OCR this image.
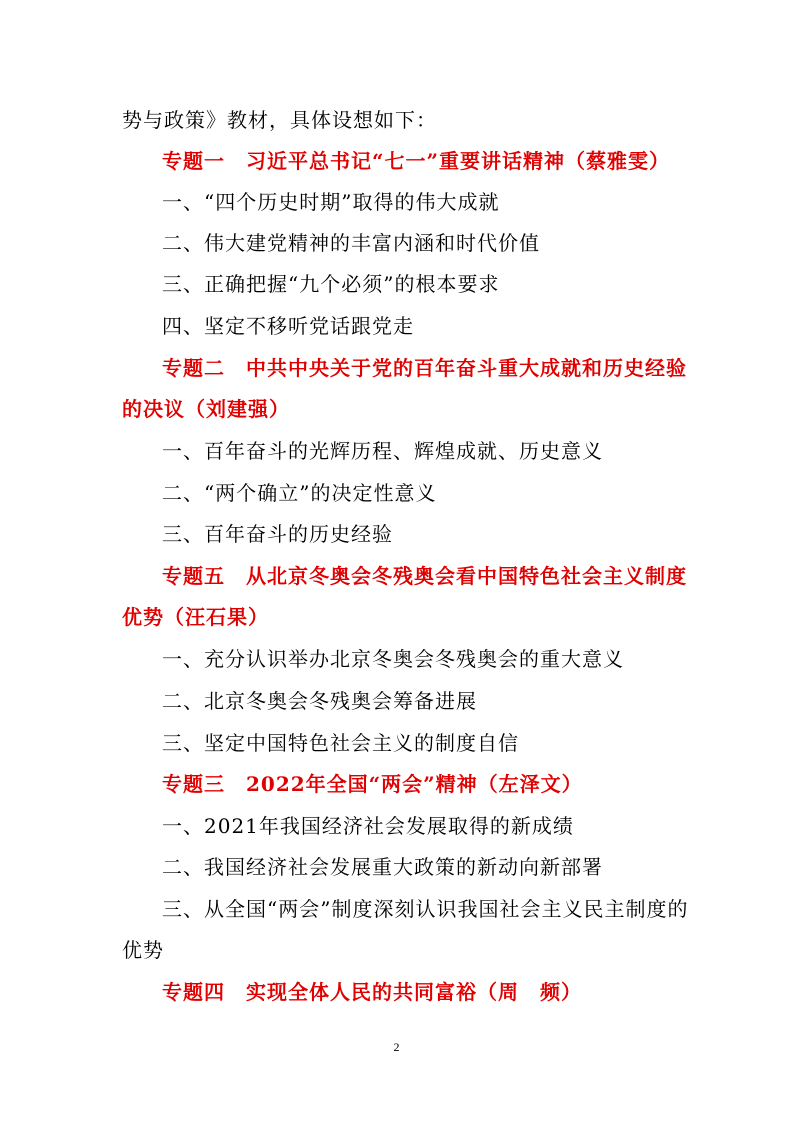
势与政策》教材，具体设想如下：
专题一　习近平总书记“七一”重要讲话精神（蔡雅雯）
一、“四个历史时期”取得的伟大成就
二、伟大建党精神的丰富内涵和时代价值
三、正确把握“九个必须”的根本要求
四、坚定不移听党话跟党走
专题二　中共中央关于党的百年奋斗重大成就和历史经验
的决议（刘建强）
一、百年奋斗的光辉历程、辉煌成就、历史意义
二、“两个确立”的决定性意义
三、百年奋斗的历史经验
专题五　从北京冬奥会冬残奥会看中国特色社会主义制度
优势（汪石果）
一、充分认识举办北京冬奥会冬残奥会的重大意义
二、北京冬奥会冬残奥会筹备进展
三、坚定中国特色社会主义的制度自信
专题三　2022年全国“两会”精神（左泽文）
一、2021年我国经济社会发展取得的新成绩
二、我国经济社会发展重大政策的新动向新部署
三、从全国“两会”制度深刻认识我国社会主义民主制度的
优势
专题四　实现全体人民的共同富裕（周　频）
2
